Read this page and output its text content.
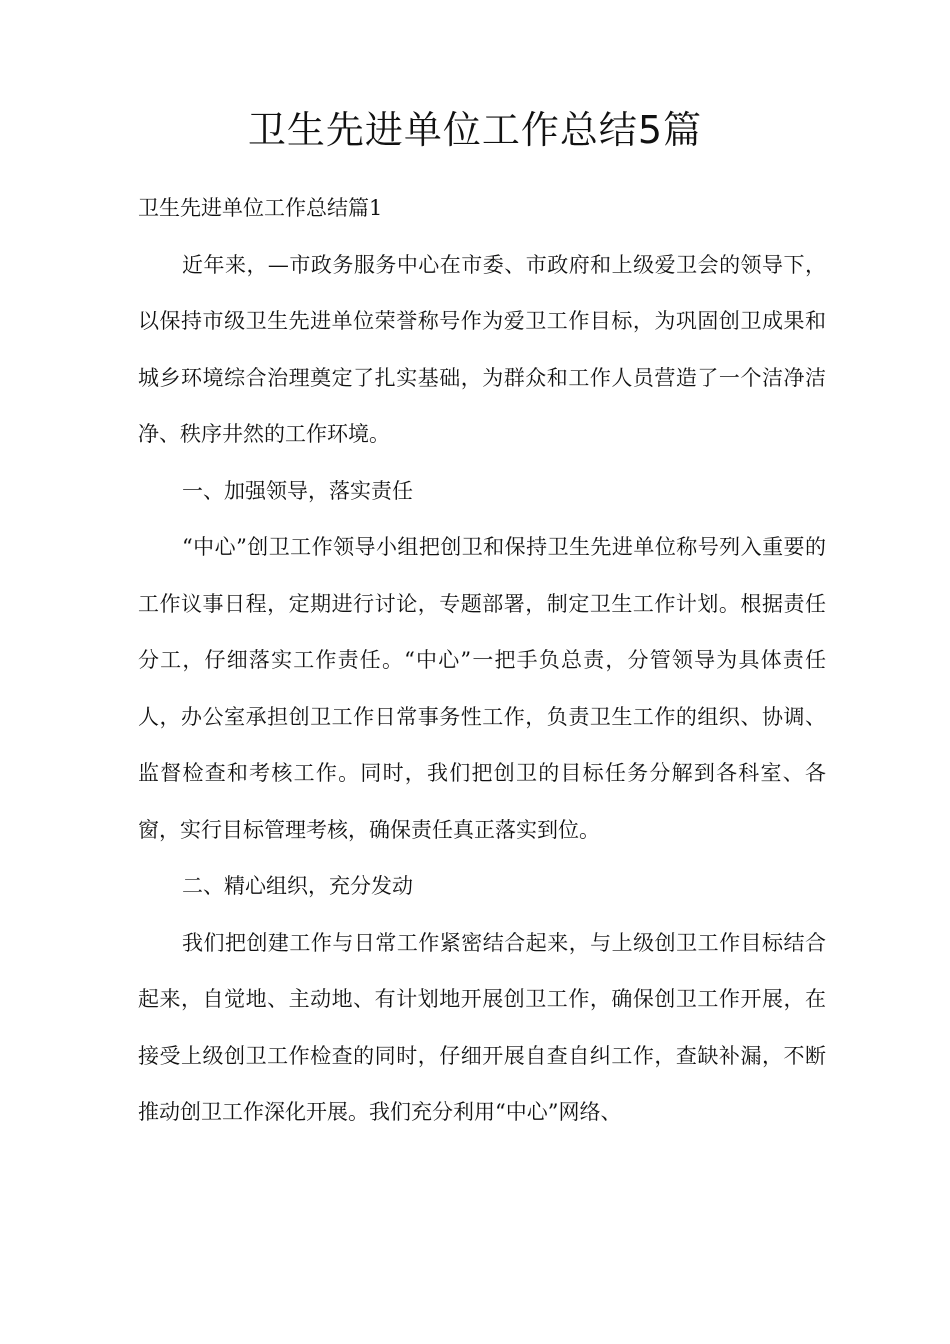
卫生先进单位工作总结5篇

卫生先进单位工作总结篇1

近年来，—市政务服务中心在市委、市政府和上级爱卫会的领导下，以保持市级卫生先进单位荣誉称号作为爱卫工作目标，为巩固创卫成果和城乡环境综合治理奠定了扎实基础，为群众和工作人员营造了一个洁净洁净、秩序井然的工作环境。

一、加强领导，落实责任

“中心”创卫工作领导小组把创卫和保持卫生先进单位称号列入重要的工作议事日程，定期进行讨论，专题部署，制定卫生工作计划。根据责任分工，仔细落实工作责任。“中心”一把手负总责，分管领导为具体责任人，办公室承担创卫工作日常事务性工作，负责卫生工作的组织、协调、监督检查和考核工作。同时，我们把创卫的目标任务分解到各科室、各窗，实行目标管理考核，确保责任真正落实到位。

二、精心组织，充分发动

我们把创建工作与日常工作紧密结合起来，与上级创卫工作目标结合起来，自觉地、主动地、有计划地开展创卫工作，确保创卫工作开展，在接受上级创卫工作检查的同时，仔细开展自查自纠工作，查缺补漏，不断推动创卫工作深化开展。我们充分利用“中心”网络、
